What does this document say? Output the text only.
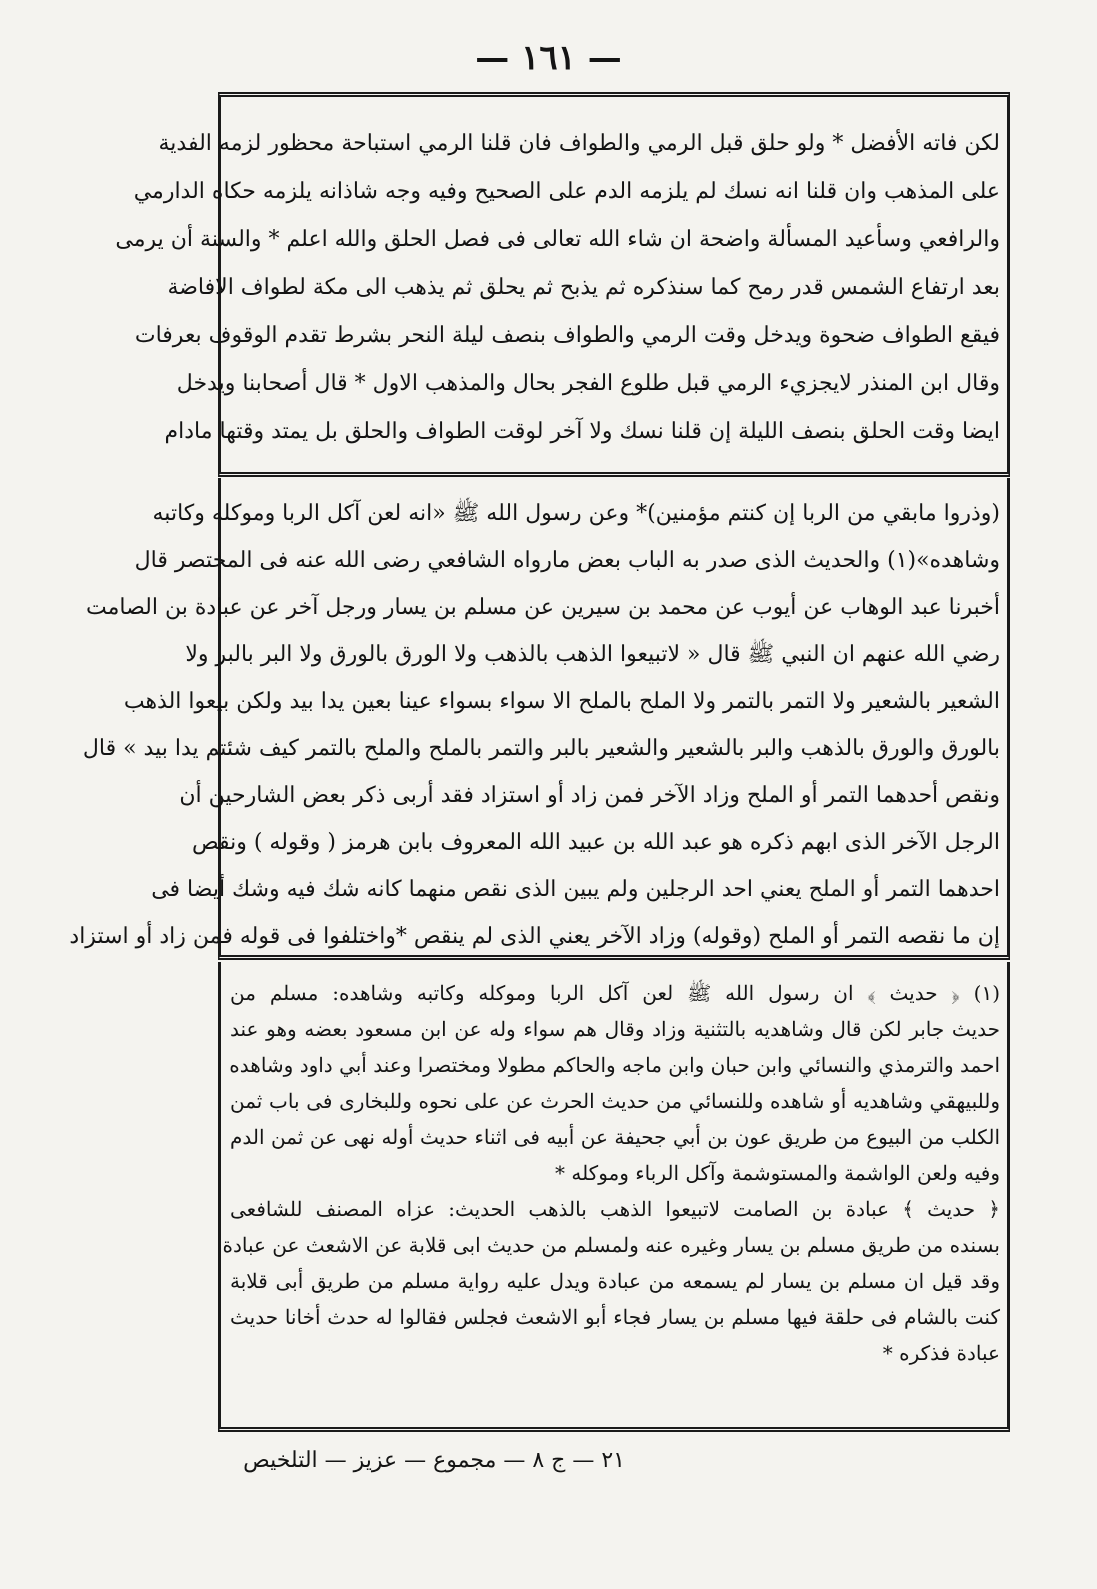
— ١٦١ —
لكن فاته الأفضل * ولو حلق قبل الرمي والطواف فان قلنا الرمي استباحة محظور لزمه الفدية
على المذهب وان قلنا انه نسك لم يلزمه الدم على الصحيح وفيه وجه شاذانه يلزمه حكاه الدارمي
والرافعي وسأعيد المسألة واضحة ان شاء الله تعالى فى فصل الحلق والله اعلم * والسنة أن يرمى
بعد ارتفاع الشمس قدر رمح كما سنذكره ثم يذبح ثم يحلق ثم يذهب الى مكة لطواف الافاضة
فيقع الطواف ضحوة ويدخل وقت الرمي والطواف بنصف ليلة النحر بشرط تقدم الوقوف بعرفات
وقال ابن المنذر لايجزيء الرمي قبل طلوع الفجر بحال والمذهب الاول * قال أصحابنا ويدخل
ايضا وقت الحلق بنصف الليلة إن قلنا نسك ولا آخر لوقت الطواف والحلق بل يمتد وقتها مادام
(وذروا مابقي من الربا إن كنتم مؤمنين)* وعن رسول الله ﷺ «انه لعن آكل الربا وموكله وكاتبه
وشاهده»(١) والحديث الذى صدر به الباب بعض مارواه الشافعي رضى الله عنه فى المختصر قال
أخبرنا عبد الوهاب عن أيوب عن محمد بن سيرين عن مسلم بن يسار ورجل آخر عن عبادة بن الصامت
رضي الله عنهم ان النبي ﷺ قال « لاتبيعوا الذهب بالذهب ولا الورق بالورق ولا البر بالبر ولا
الشعير بالشعير ولا التمر بالتمر ولا الملح بالملح الا سواء بسواء عينا بعين يدا بيد ولكن بيعوا الذهب
بالورق والورق بالذهب والبر بالشعير والشعير بالبر والتمر بالملح والملح بالتمر كيف شئتم يدا بيد » قال
ونقص أحدهما التمر أو الملح وزاد الآخر فمن زاد أو استزاد فقد أربى ذكر بعض الشارحين أن
الرجل الآخر الذى ابهم ذكره هو عبد الله بن عبيد الله المعروف بابن هرمز ( وقوله ) ونقص
احدهما التمر أو الملح يعني احد الرجلين ولم يبين الذى نقص منهما كانه شك فيه وشك أيضا فى
إن ما نقصه التمر أو الملح (وقوله) وزاد الآخر يعني الذى لم ينقص *واختلفوا فى قوله فمن زاد أو استزاد
(١) ﴿ حديث ﴾ ان رسول الله ﷺ لعن آكل الربا وموكله وكاتبه وشاهده: مسلم من
حديث جابر لكن قال وشاهديه بالتثنية وزاد وقال هم سواء وله عن ابن مسعود بعضه وهو عند
احمد والترمذي والنسائي وابن حبان وابن ماجه والحاكم مطولا ومختصرا وعند أبي داود وشاهده
وللبيهقي وشاهديه أو شاهده وللنسائي من حديث الحرث عن على نحوه وللبخارى فى باب ثمن
الكلب من البيوع من طريق عون بن أبي جحيفة عن أبيه فى اثناء حديث أوله نهى عن ثمن الدم
وفيه ولعن الواشمة والمستوشمة وآكل الرباء وموكله *
﴿ حديث ﴾ عبادة بن الصامت لاتبيعوا الذهب بالذهب الحديث: عزاه المصنف للشافعى
بسنده من طريق مسلم بن يسار وغيره عنه ولمسلم من حديث ابى قلابة عن الاشعث عن عبادة
وقد قيل ان مسلم بن يسار لم يسمعه من عبادة ويدل عليه رواية مسلم من طريق أبى قلابة
كنت بالشام فى حلقة فيها مسلم بن يسار فجاء أبو الاشعث فجلس فقالوا له حدث أخانا حديث
عبادة فذكره *
٢١ — ج ٨ — مجموع — عزيز — التلخيص
